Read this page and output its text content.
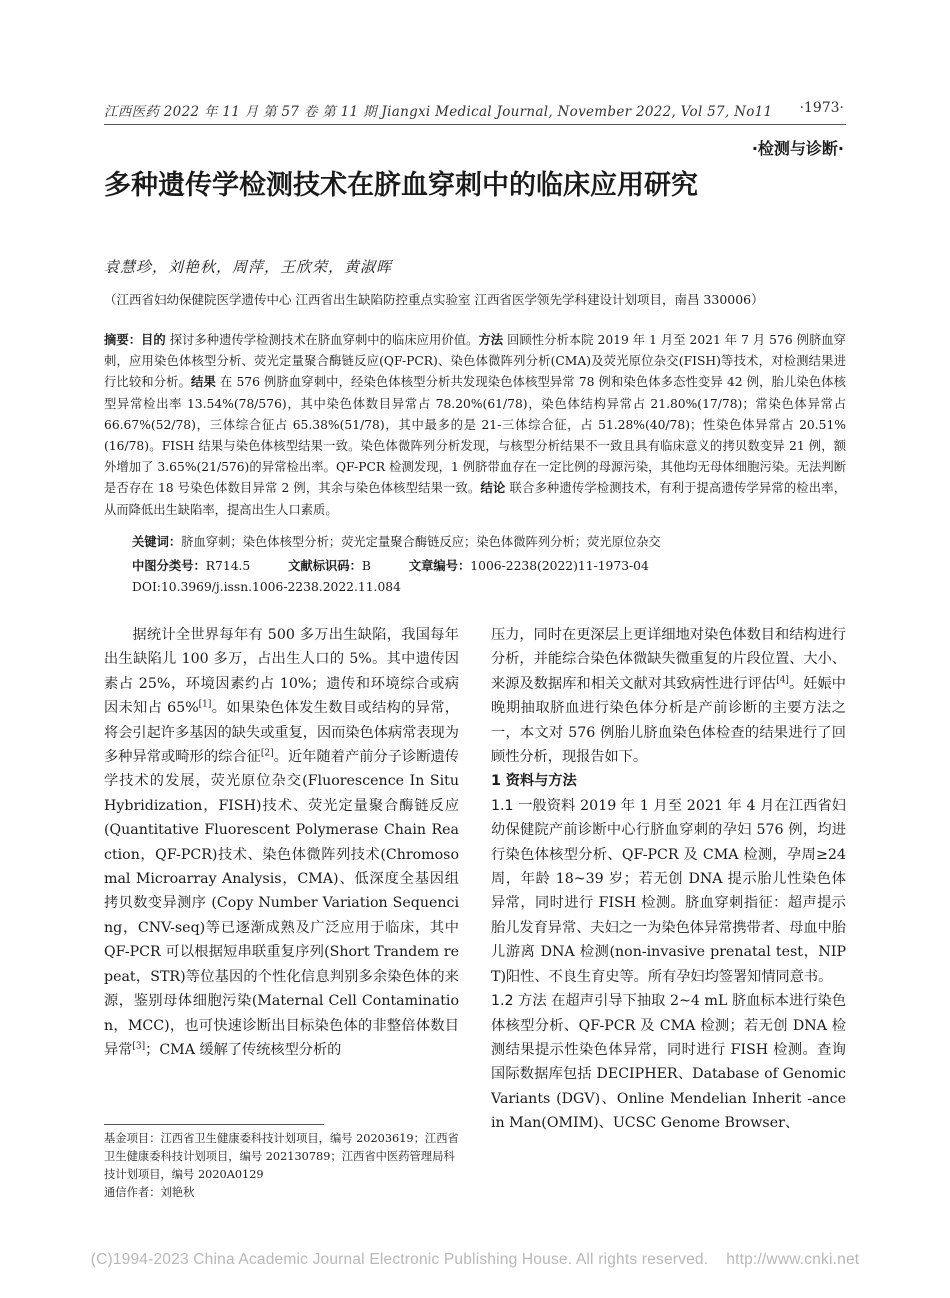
江西医药 2022 年 11 月 第 57 卷 第 11 期 Jiangxi Medical Journal, November 2022, Vol 57, No11	·1973·
·检测与诊断·
多种遗传学检测技术在脐血穿刺中的临床应用研究
袁慧珍，刘艳秋，周萍，王欣荣，黄淑晖
（江西省妇幼保健院医学遗传中心 江西省出生缺陷防控重点实验室 江西省医学领先学科建设计划项目，南昌 330006）
摘要：目的 探讨多种遗传学检测技术在脐血穿刺中的临床应用价值。方法 回顾性分析本院 2019 年 1 月至 2021 年 7 月 576 例脐血穿刺，应用染色体核型分析、荧光定量聚合酶链反应(QF-PCR)、染色体微阵列分析(CMA)及荧光原位杂交(FISH)等技术，对检测结果进行比较和分析。结果 在 576 例脐血穿刺中，经染色体核型分析共发现染色体核型异常 78 例和染色体多态性变异 42 例，胎儿染色体核型异常检出率 13.54%(78/576)，其中染色体数目异常占 78.20%(61/78)，染色体结构异常占 21.80%(17/78)；常染色体异常占 66.67%(52/78)，三体综合征占 65.38%(51/78)，其中最多的是 21-三体综合征，占 51.28%(40/78)；性染色体异常占 20.51%(16/78)。FISH 结果与染色体核型结果一致。染色体微阵列分析发现，与核型分析结果不一致且具有临床意义的拷贝数变异 21 例，额外增加了 3.65%(21/576)的异常检出率。QF-PCR 检测发现，1 例脐带血存在一定比例的母源污染，其他均无母体细胞污染。无法判断是否存在 18 号染色体数目异常 2 例，其余与染色体核型结果一致。结论 联合多种遗传学检测技术，有利于提高遗传学异常的检出率，从而降低出生缺陷率，提高出生人口素质。
关键词：脐血穿刺；染色体核型分析；荧光定量聚合酶链反应；染色体微阵列分析；荧光原位杂交
中图分类号：R714.5	文献标识码：B	文章编号：1006-2238(2022)11-1973-04
DOI:10.3969/j.issn.1006-2238.2022.11.084

据统计全世界每年有 500 多万出生缺陷，我国每年出生缺陷儿 100 多万，占出生人口的 5%。其中遗传因素占 25%，环境因素约占 10%；遗传和环境综合或病因未知占 65%[1]。如果染色体发生数目或结构的异常，将会引起许多基因的缺失或重复，因而染色体病常表现为多种异常或畸形的综合征[2]。近年随着产前分子诊断遗传学技术的发展，荧光原位杂交(Fluorescence In Situ Hybridization，FISH)技术、荧光定量聚合酶链反应(Quantitative Fluorescent Polymerase Chain Reaction，QF-PCR)技术、染色体微阵列技术(Chromosomal Microarray Analysis，CMA)、低深度全基因组拷贝数变异测序 (Copy Number Variation Sequencing，CNV-seq)等已逐渐成熟及广泛应用于临床，其中 QF-PCR 可以根据短串联重复序列(Short Trandem repeat，STR)等位基因的个性化信息判别多余染色体的来源，鉴别母体细胞污染(Maternal Cell Contamination，MCC)，也可快速诊断出目标染色体的非整倍体数目异常[3]；CMA 缓解了传统核型分析的

压力，同时在更深层上更详细地对染色体数目和结构进行分析，并能综合染色体微缺失微重复的片段位置、大小、来源及数据库和相关文献对其致病性进行评估[4]。妊娠中晚期抽取脐血进行染色体分析是产前诊断的主要方法之一，本文对 576 例胎儿脐血染色体检查的结果进行了回顾性分析，现报告如下。

1 资料与方法

1.1 一般资料 2019 年 1 月至 2021 年 4 月在江西省妇幼保健院产前诊断中心行脐血穿刺的孕妇 576 例，均进行染色体核型分析、QF-PCR 及 CMA 检测，孕周≥24 周，年龄 18~39 岁；若无创 DNA 提示胎儿性染色体异常，同时进行 FISH 检测。脐血穿刺指征：超声提示胎儿发育异常、夫妇之一为染色体异常携带者、母血中胎儿游离 DNA 检测(non-invasive prenatal test，NIPT)阳性、不良生育史等。所有孕妇均签署知情同意书。

1.2 方法 在超声引导下抽取 2~4 mL 脐血标本进行染色体核型分析、QF-PCR 及 CMA 检测；若无创 DNA 检测结果提示性染色体异常，同时进行 FISH 检测。查询国际数据库包括 DECIPHER、Database of Genomic Variants (DGV)、Online Mendelian Inherit -ance in Man(OMIM)、UCSC Genome Browser、

基金项目：江西省卫生健康委科技计划项目，编号 20203619；江西省卫生健康委科技计划项目，编号 202130789；江西省中医药管理局科技计划项目，编号 2020A0129
通信作者：刘艳秋
(C)1994-2023 China Academic Journal Electronic Publishing House. All rights reserved.    http://www.cnki.net
